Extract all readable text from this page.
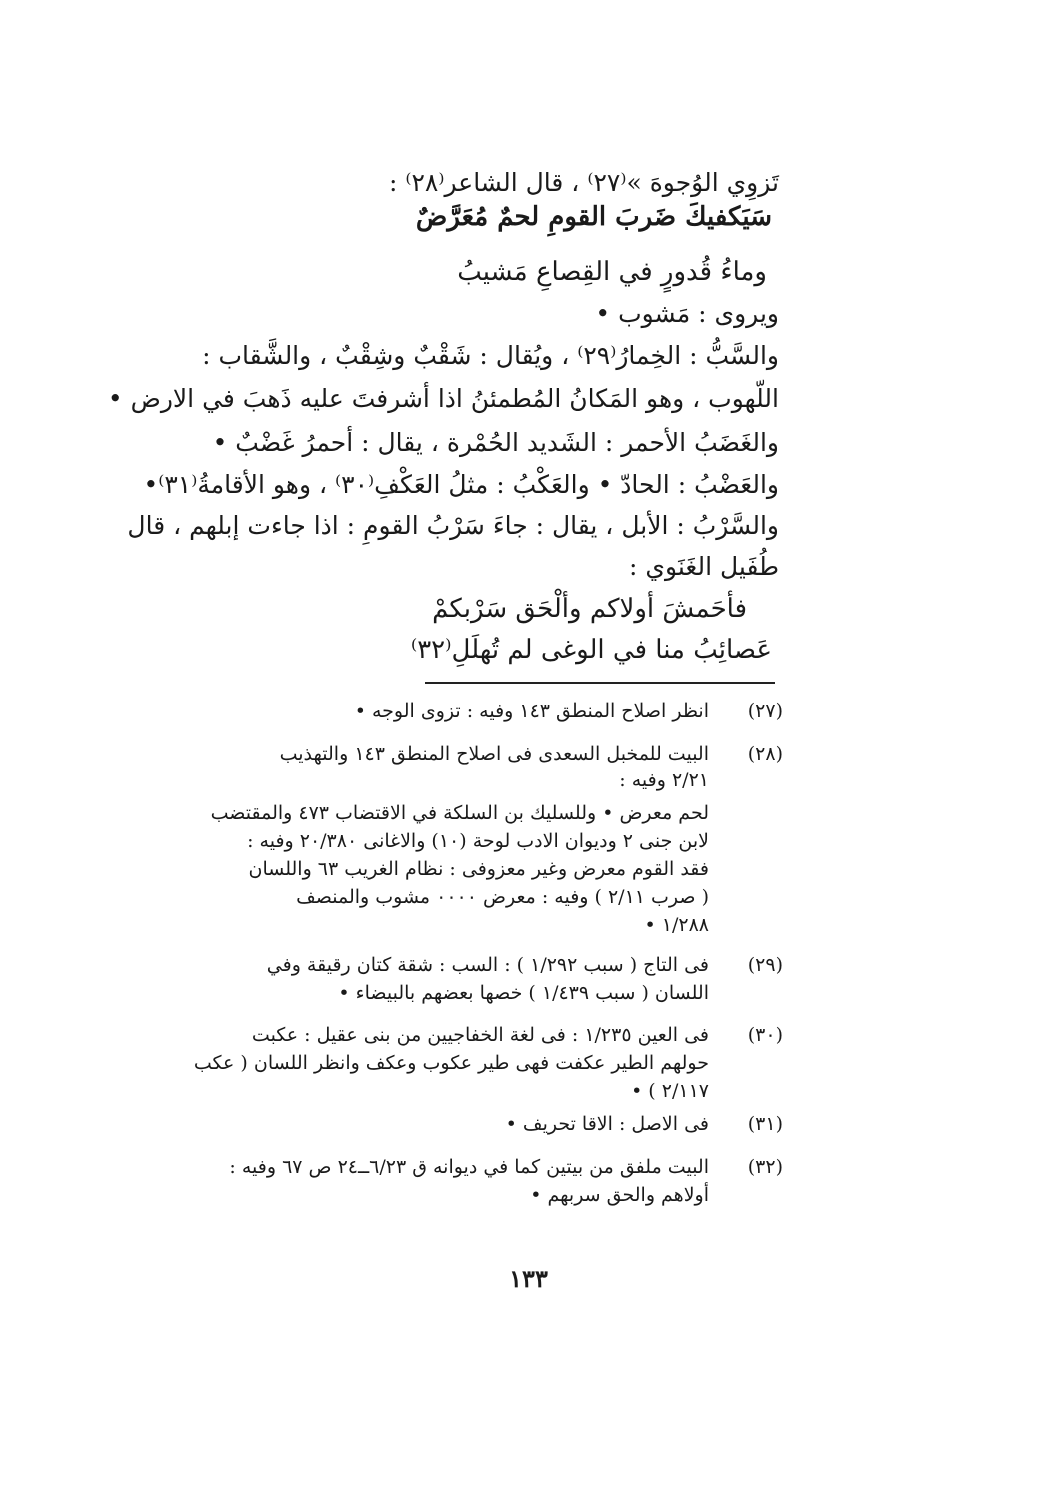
تَزوِي الوُجوهَ »⁽٢٧⁾ ، قال الشاعر⁽٢٨⁾ :
سَيَكفيكَ ضَربَ القومِ لحمٌ مُعَرَّضٌ
وماءُ قُدورٍ في القِصاعِ مَشيبُ
ويروى : مَشوب •
والسَّبُّ : الخِمارُ⁽٢٩⁾ ، ويُقال : شَقْبٌ وشِقْبٌ ، والشَّقاب :
اللّهوب ، وهو المَكانُ المُطمئنُ اذا أشرفتَ عليه ذَهبَ في الارض •
والغَضَبُ الأحمر : الشَديد الحُمْرة ، يقال : أحمرُ غَضْبٌ •
والعَضْبُ : الحادّ • والعَكْبُ : مثلُ العَكْفِ⁽٣٠⁾ ، وهو الأقامةُ⁽٣١⁾•
والسَّرْبُ : الأبل ، يقال : جاءَ سَرْبُ القومِ : اذا جاءت إبلهم ، قال
طُفَيل الغَنَوي :
فأحَمشَ أولاكم وألْحَق سَرْبكمْ
عَصائِبُ منا في الوغى لم تُهلَلِ⁽٣٢⁾
(٢٧)
انظر اصلاح المنطق ١٤٣ وفيه : تزوى الوجه •
(٢٨)
البيت للمخبل السعدى فى اصلاح المنطق ١٤٣ والتهذيب
٢/٢١ وفيه :
لحم معرض • وللسليك بن السلكة في الاقتضاب ٤٧٣ والمقتضب
لابن جنى ٢ وديوان الادب لوحة (١٠) والاغانى ٢٠/٣٨٠ وفيه :
فقد القوم معرض وغير معزوفى : نظام الغريب ٦٣ واللسان
( صرب ٢/١١ ) وفيه : معرض ٠٠٠٠ مشوب والمنصف
١/٢٨٨ •
(٢٩)
فى التاج ( سبب ١/٢٩٢ ) : السب : شقة كتان رقيقة وفي
اللسان ( سبب ١/٤٣٩ ) خصها بعضهم بالبيضاء •
(٣٠)
فى العين ١/٢٣٥ : فى لغة الخفاجيين من بنى عقيل : عكبت
حولهم الطير عكفت فهى طير عكوب وعكف وانظر اللسان ( عكب
٢/١١٧ ) •
(٣١)
فى الاصل : الاقا تحريف •
(٣٢)
البيت ملفق من بيتين كما في ديوانه ق ٦/٢٣ــ٢٤ ص ٦٧ وفيه :
أولاهم والحق سربهم •
١٣٣
